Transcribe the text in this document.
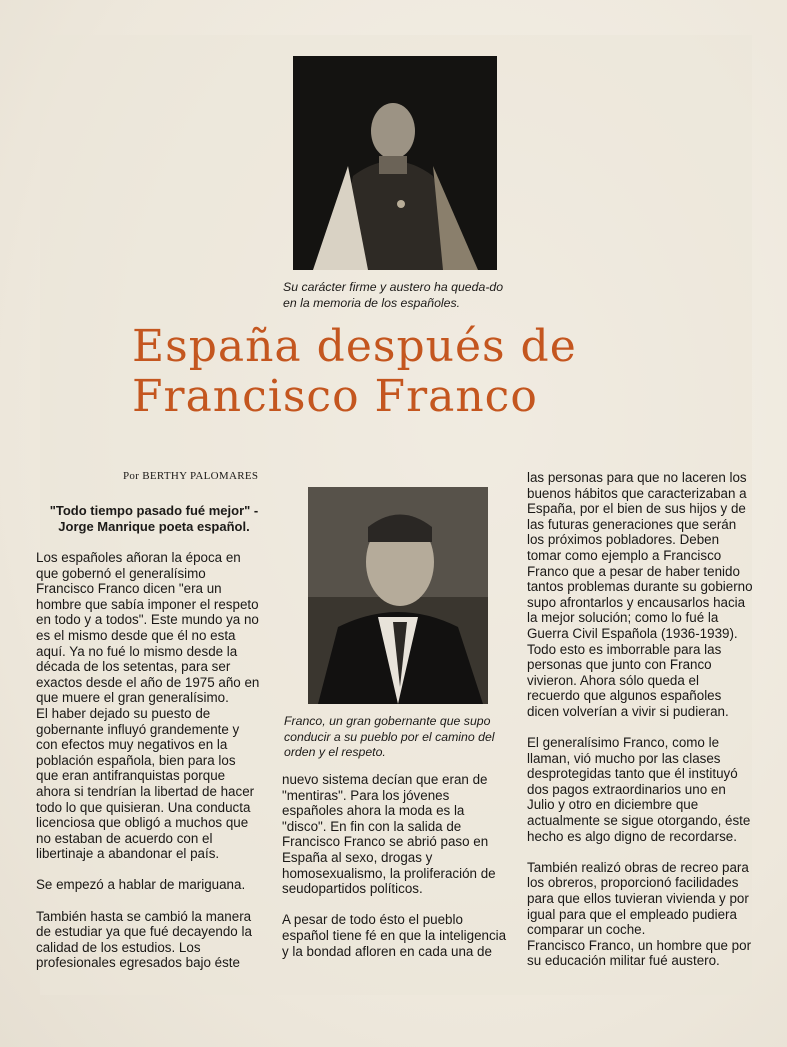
Su carácter firme y austero ha queda-do en la memoria de los españoles.
España después de
Francisco Franco
Por BERTHY PALOMARES
"Todo tiempo pasado fué mejor" - Jorge Manrique poeta español.

Los españoles añoran la época en que gobernó el generalísimo Francisco Franco dicen "era un hombre que sabía imponer el respeto en todo y a todos". Este mundo ya no es el mismo desde que él no esta aquí. Ya no fué lo mismo desde la década de los setentas, para ser exactos desde el año de 1975 año en que muere el gran generalísimo.

El haber dejado su puesto de gobernante influyó grandemente y con efectos muy negativos en la población española, bien para los que eran antifranquistas porque ahora si tendrían la libertad de hacer todo lo que quisieran. Una conducta licenciosa que obligó a muchos que no estaban de acuerdo con el libertinaje a abandonar el país.

Se empezó a hablar de mariguana.

También hasta se cambió la manera de estudiar ya que fué decayendo la calidad de los estudios. Los profesionales egresados bajo éste

Franco, un gran gobernante que supo conducir a su pueblo por el camino del orden y el respeto.

nuevo sistema decían que eran de "mentiras". Para los jóvenes españoles ahora la moda es la "disco". En fin con la salida de Francisco Franco se abrió paso en España al sexo, drogas y homosexualismo, la proliferación de seudopartidos políticos.

A pesar de todo ésto el pueblo español tiene fé en que la inteligencia y la bondad afloren en cada una de

las personas para que no laceren los buenos hábitos que caracterizaban a España, por el bien de sus hijos y de las futuras generaciones que serán los próximos pobladores. Deben tomar como ejemplo a Francisco Franco que a pesar de haber tenido tantos problemas durante su gobierno supo afrontarlos y encausarlos hacia la mejor solución; como lo fué la Guerra Civil Española (1936-1939). Todo esto es imborrable para las personas que junto con Franco vivieron. Ahora sólo queda el recuerdo que algunos españoles dicen volverían a vivir si pudieran.

El generalísimo Franco, como le llaman, vió mucho por las clases desprotegidas tanto que él instituyó dos pagos extraordinarios uno en Julio y otro en diciembre que actualmente se sigue otorgando, éste hecho es algo digno de recordarse.

También realizó obras de recreo para los obreros, proporcionó facilidades para que ellos tuvieran vivienda y por igual para que el empleado pudiera comparar un coche.

Francisco Franco, un hombre que por su educación militar fué austero.
